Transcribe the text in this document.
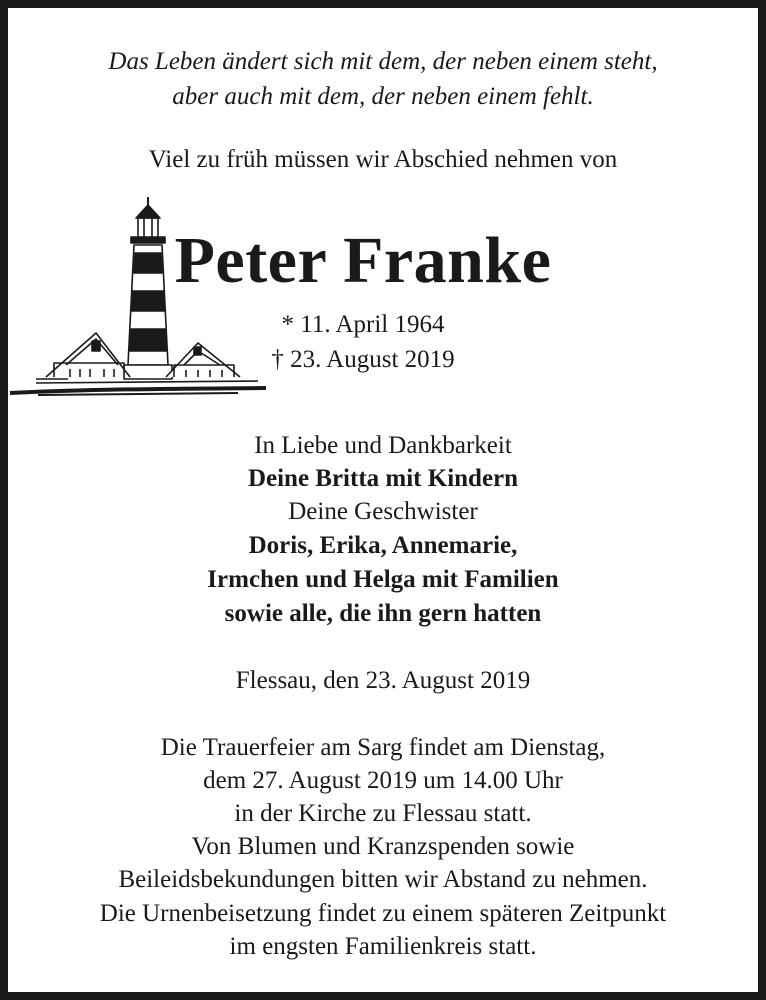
Das Leben ändert sich mit dem, der neben einem steht,

aber auch mit dem, der neben einem fehlt.

Viel zu früh müssen wir Abschied nehmen von

Peter Franke

* 11. April 1964

† 23. August 2019

In Liebe und Dankbarkeit

Deine Britta mit Kindern

Deine Geschwister

Doris, Erika, Annemarie,

Irmchen und Helga mit Familien

sowie alle, die ihn gern hatten

Flessau, den 23. August 2019

Die Trauerfeier am Sarg findet am Dienstag,

dem 27. August 2019 um 14.00 Uhr

in der Kirche zu Flessau statt.

Von Blumen und Kranzspenden sowie

Beileidsbekundungen bitten wir Abstand zu nehmen.

Die Urnenbeisetzung findet zu einem späteren Zeitpunkt

im engsten Familienkreis statt.
